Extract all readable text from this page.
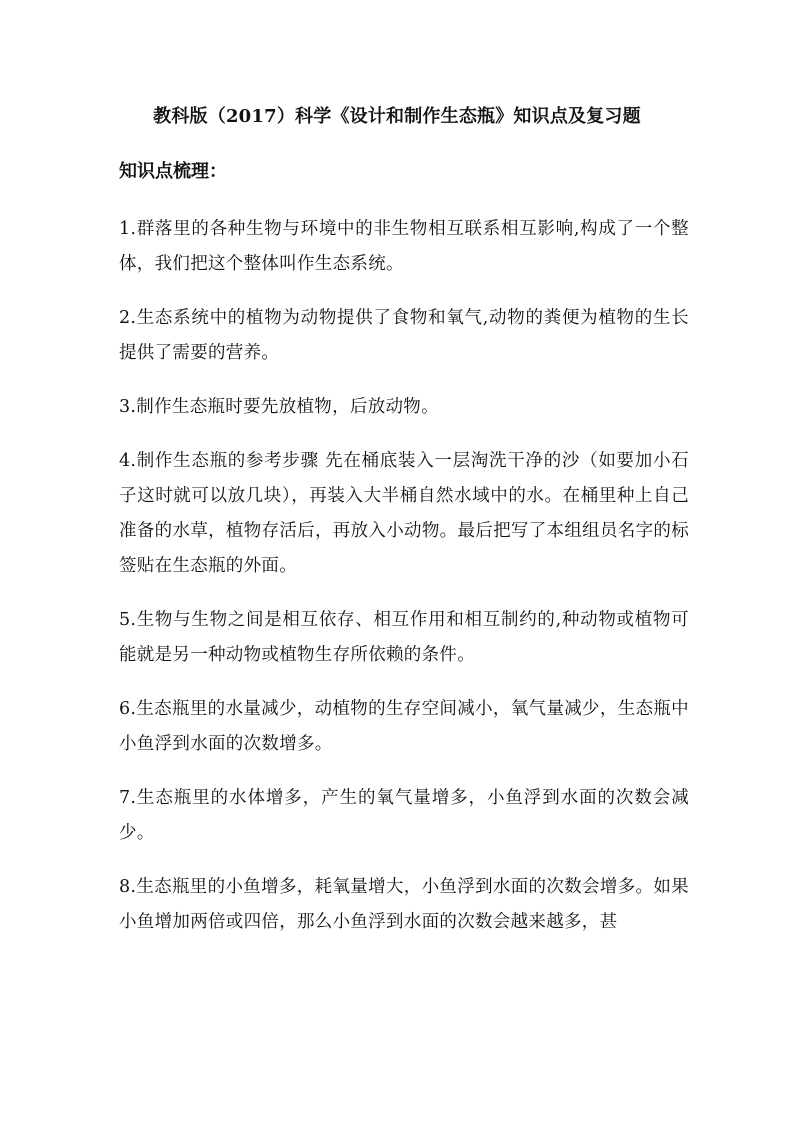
教科版（2017）科学《设计和制作生态瓶》知识点及复习题
知识点梳理：

1.群落里的各种生物与环境中的非生物相互联系相互影响,构成了一个整体，我们把这个整体叫作生态系统。

2.生态系统中的植物为动物提供了食物和氧气,动物的粪便为植物的生长提供了需要的营养。

3.制作生态瓶时要先放植物，后放动物。

4.制作生态瓶的参考步骤 先在桶底装入一层淘洗干净的沙（如要加小石子这时就可以放几块），再装入大半桶自然水域中的水。在桶里种上自己准备的水草，植物存活后，再放入小动物。最后把写了本组组员名字的标签贴在生态瓶的外面。

5.生物与生物之间是相互依存、相互作用和相互制约的,种动物或植物可能就是另一种动物或植物生存所依赖的条件。

6.生态瓶里的水量减少，动植物的生存空间减小，氧气量减少，生态瓶中小鱼浮到水面的次数增多。

7.生态瓶里的水体增多，产生的氧气量增多，小鱼浮到水面的次数会减少。

8.生态瓶里的小鱼增多，耗氧量增大，小鱼浮到水面的次数会增多。如果小鱼增加两倍或四倍，那么小鱼浮到水面的次数会越来越多，甚
